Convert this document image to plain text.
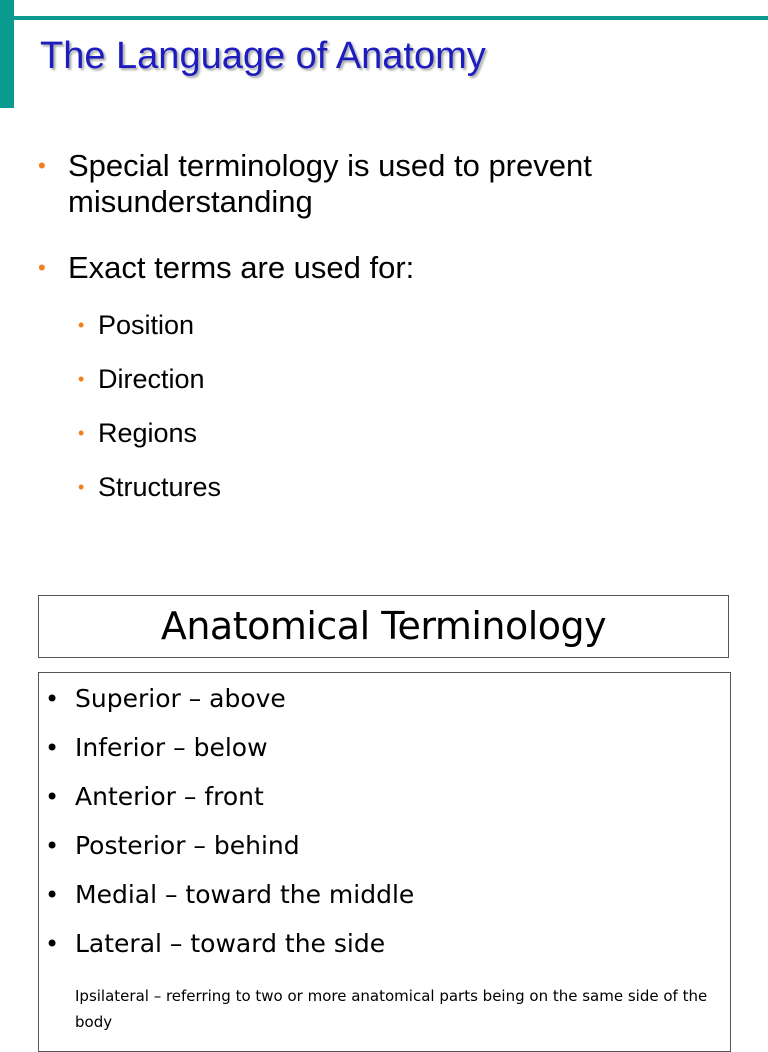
The Language of Anatomy
• Special terminology is used to prevent misunderstanding
• Exact terms are used for:
• Position
• Direction
• Regions
• Structures
Anatomical Terminology
• Superior – above
• Inferior – below
• Anterior – front
• Posterior – behind
• Medial – toward the middle
• Lateral – toward the side

Ipsilateral – referring to two or more anatomical parts being on the same side of the body
